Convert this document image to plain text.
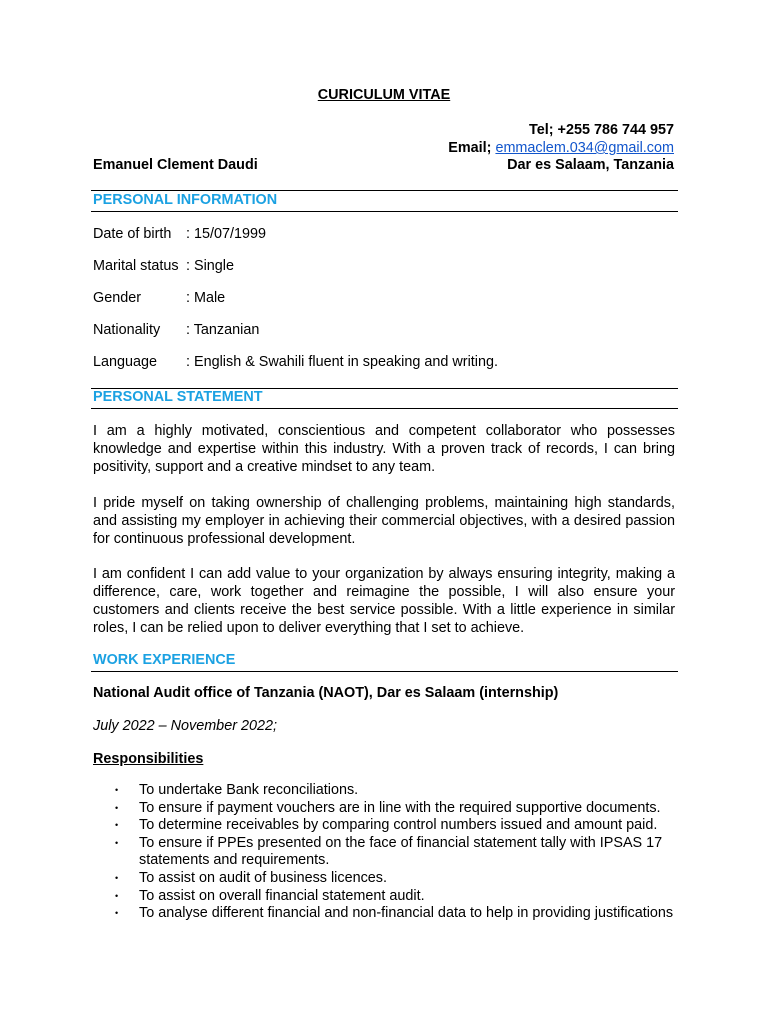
CURICULUM VITAE
Tel; +255 786 744 957
Email; emmaclem.034@gmail.com
Dar es Salaam, Tanzania
Emanuel Clement Daudi
PERSONAL INFORMATION
Date of birth : 15/07/1999
Marital status : Single
Gender	: Male
Nationality : Tanzanian
Language : English & Swahili fluent in speaking and writing.
PERSONAL STATEMENT
I am a highly motivated, conscientious and competent collaborator who possesses knowledge and expertise within this industry. With a proven track of records, I can bring positivity, support and a creative mindset to any team.
I pride myself on taking ownership of challenging problems, maintaining high standards, and assisting my employer in achieving their commercial objectives, with a desired passion for continuous professional development.
I am confident I can add value to your organization by always ensuring integrity, making a difference, care, work together and reimagine the possible, I will also ensure your customers and clients receive the best service possible. With a little experience in similar roles, I can be relied upon to deliver everything that I set to achieve.
WORK EXPERIENCE
National Audit office of Tanzania (NAOT), Dar es Salaam (internship)
July 2022 – November 2022;
Responsibilities
• To undertake Bank reconciliations.
• To ensure if payment vouchers are in line with the required supportive documents.
• To determine receivables by comparing control numbers issued and amount paid.
• To ensure if PPEs presented on the face of financial statement tally with IPSAS 17 statements and requirements.
• To assist on audit of business licences.
• To assist on overall financial statement audit.
• To analyse different financial and non-financial data to help in providing justifications
